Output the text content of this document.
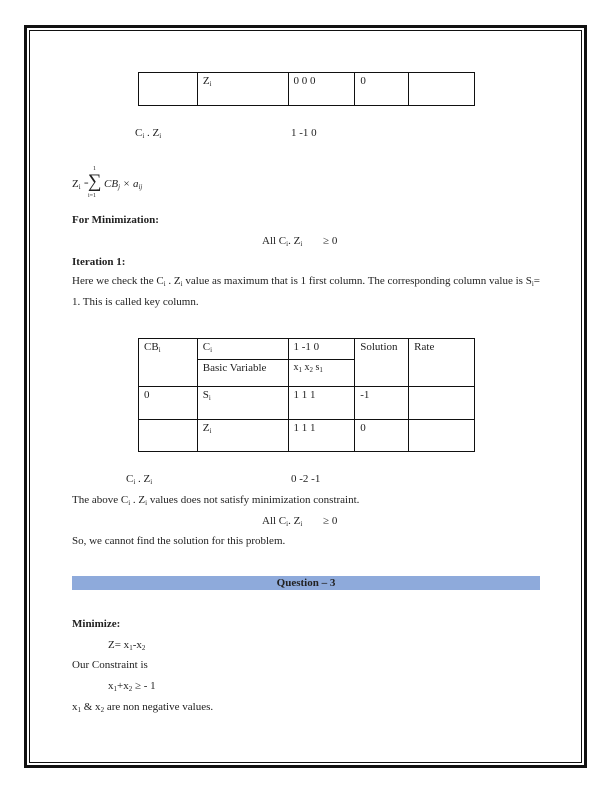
	$Z_i$	0 0 0	0	
$C_i$ . $Z_i$	1 -1 0
$Z_i$ =
1
∑
i=1
$CB_j \times a_{ij}$
For Minimization:
All $C_i$. $Z_i \ge 0$
Iteration 1:
Here we check the $C_i$ . $Z_i$ value as maximum that is 1 first column. The corresponding column value is $S_i= 1$. This is called key column.
$CB_i$	$C_i$	1 -1 0	Solution	Rate
	Basic Variable	$x_1$ $x_2$ $s_1$
0	$S_i$	1 1 1	-1	
	$Z_i$	1 1 1	0	
$C_i$ . $Z_i$	0 -2 -1
The above $C_i$ . $Z_i$ values does not satisfy minimization constraint.
All $C_i$. $Z_i \ge 0$
So, we cannot find the solution for this problem.
Question – 3
Minimize:
$Z= x_1-x_2$
Our Constraint is
$x_1+x_2$ ≥ - 1
$x_1$ & $x_2$ are non negative values.
